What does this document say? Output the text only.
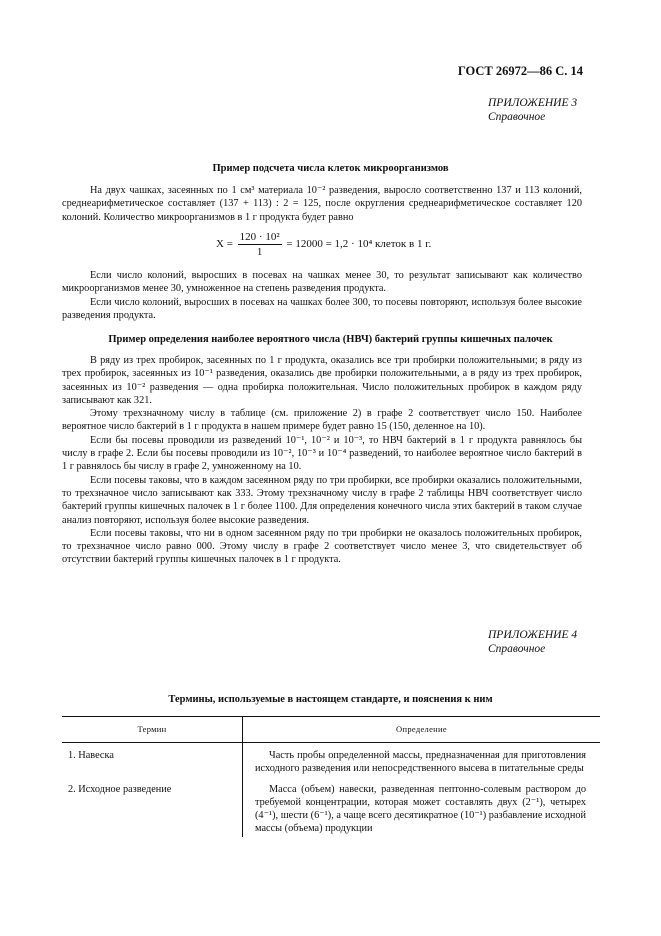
ГОСТ 26972—86 С. 14
ПРИЛОЖЕНИЕ 3
Справочное
Пример подсчета числа клеток микроорганизмов

На двух чашках, засеянных по 1 см³ материала 10⁻² разведения, выросло соответственно 137 и 113 колоний, среднеарифметическое составляет (137 + 113) : 2 = 125, после округления среднеарифметическое составляет 120 колоний. Количество микроорганизмов в 1 г продукта будет равно

$X = \frac{\text{120 · 10²}}{1} = 12000 = 1,2 \cdot 10^4$ клеток в 1 г.

Если число колоний, выросших в посевах на чашках менее 30, то результат записывают как количество микроорганизмов менее 30, умноженное на степень разведения продукта.

Если число колоний, выросших в посевах на чашках более 300, то посевы повторяют, используя более высокие разведения продукта.

Пример определения наиболее вероятного числа (НВЧ) бактерий группы кишечных палочек

В ряду из трех пробирок, засеянных по 1 г продукта, оказались все три пробирки положительными; в ряду из трех пробирок, засеянных из 10⁻¹ разведения, оказались две пробирки положительными, а в ряду из трех пробирок, засеянных из 10⁻² разведения — одна пробирка положительная. Число положительных пробирок в каждом ряду записывают как 321.

Этому трехзначному числу в таблице (см. приложение 2) в графе 2 соответствует число 150. Наиболее вероятное число бактерий в 1 г продукта в нашем примере будет равно 15 (150, деленное на 10).

Если бы посевы проводили из разведений 10⁻¹, 10⁻² и 10⁻³, то НВЧ бактерий в 1 г продукта равнялось бы числу в графе 2. Если бы посевы проводили из 10⁻², 10⁻³ и 10⁻⁴ разведений, то наиболее вероятное число бактерий в 1 г равнялось бы числу в графе 2, умноженному на 10.

Если посевы таковы, что в каждом засеянном ряду по три пробирки, все пробирки оказались положительными, то трехзначное число записывают как 333. Этому трехзначному числу в графе 2 таблицы НВЧ соответствует число бактерий группы кишечных палочек в 1 г более 1100. Для определения конечного числа этих бактерий в таком случае анализ повторяют, используя более высокие разведения.

Если посевы таковы, что ни в одном засеянном ряду по три пробирки не оказалось положительных пробирок, то трехзначное число равно 000. Этому числу в графе 2 соответствует число менее 3, что свидетельствует об отсутствии бактерий группы кишечных палочек в 1 г продукта.

ПРИЛОЖЕНИЕ 4
Справочное
Термины, используемые в настоящем стандарте, и пояснения к ним
Термин	Определение
1. Навеска	Часть пробы определенной массы, предназначенная для приготовления исходного разведения или непосредственного высева в питательные среды
2. Исходное разведение	Масса (объем) навески, разведенная пептонно-солевым раствором до требуемой концентрации, которая может составлять двух (2⁻¹), четырех (4⁻¹), шести (6⁻¹), а чаще всего десятикратное (10⁻¹) разбавление исходной массы (объема) продукции
